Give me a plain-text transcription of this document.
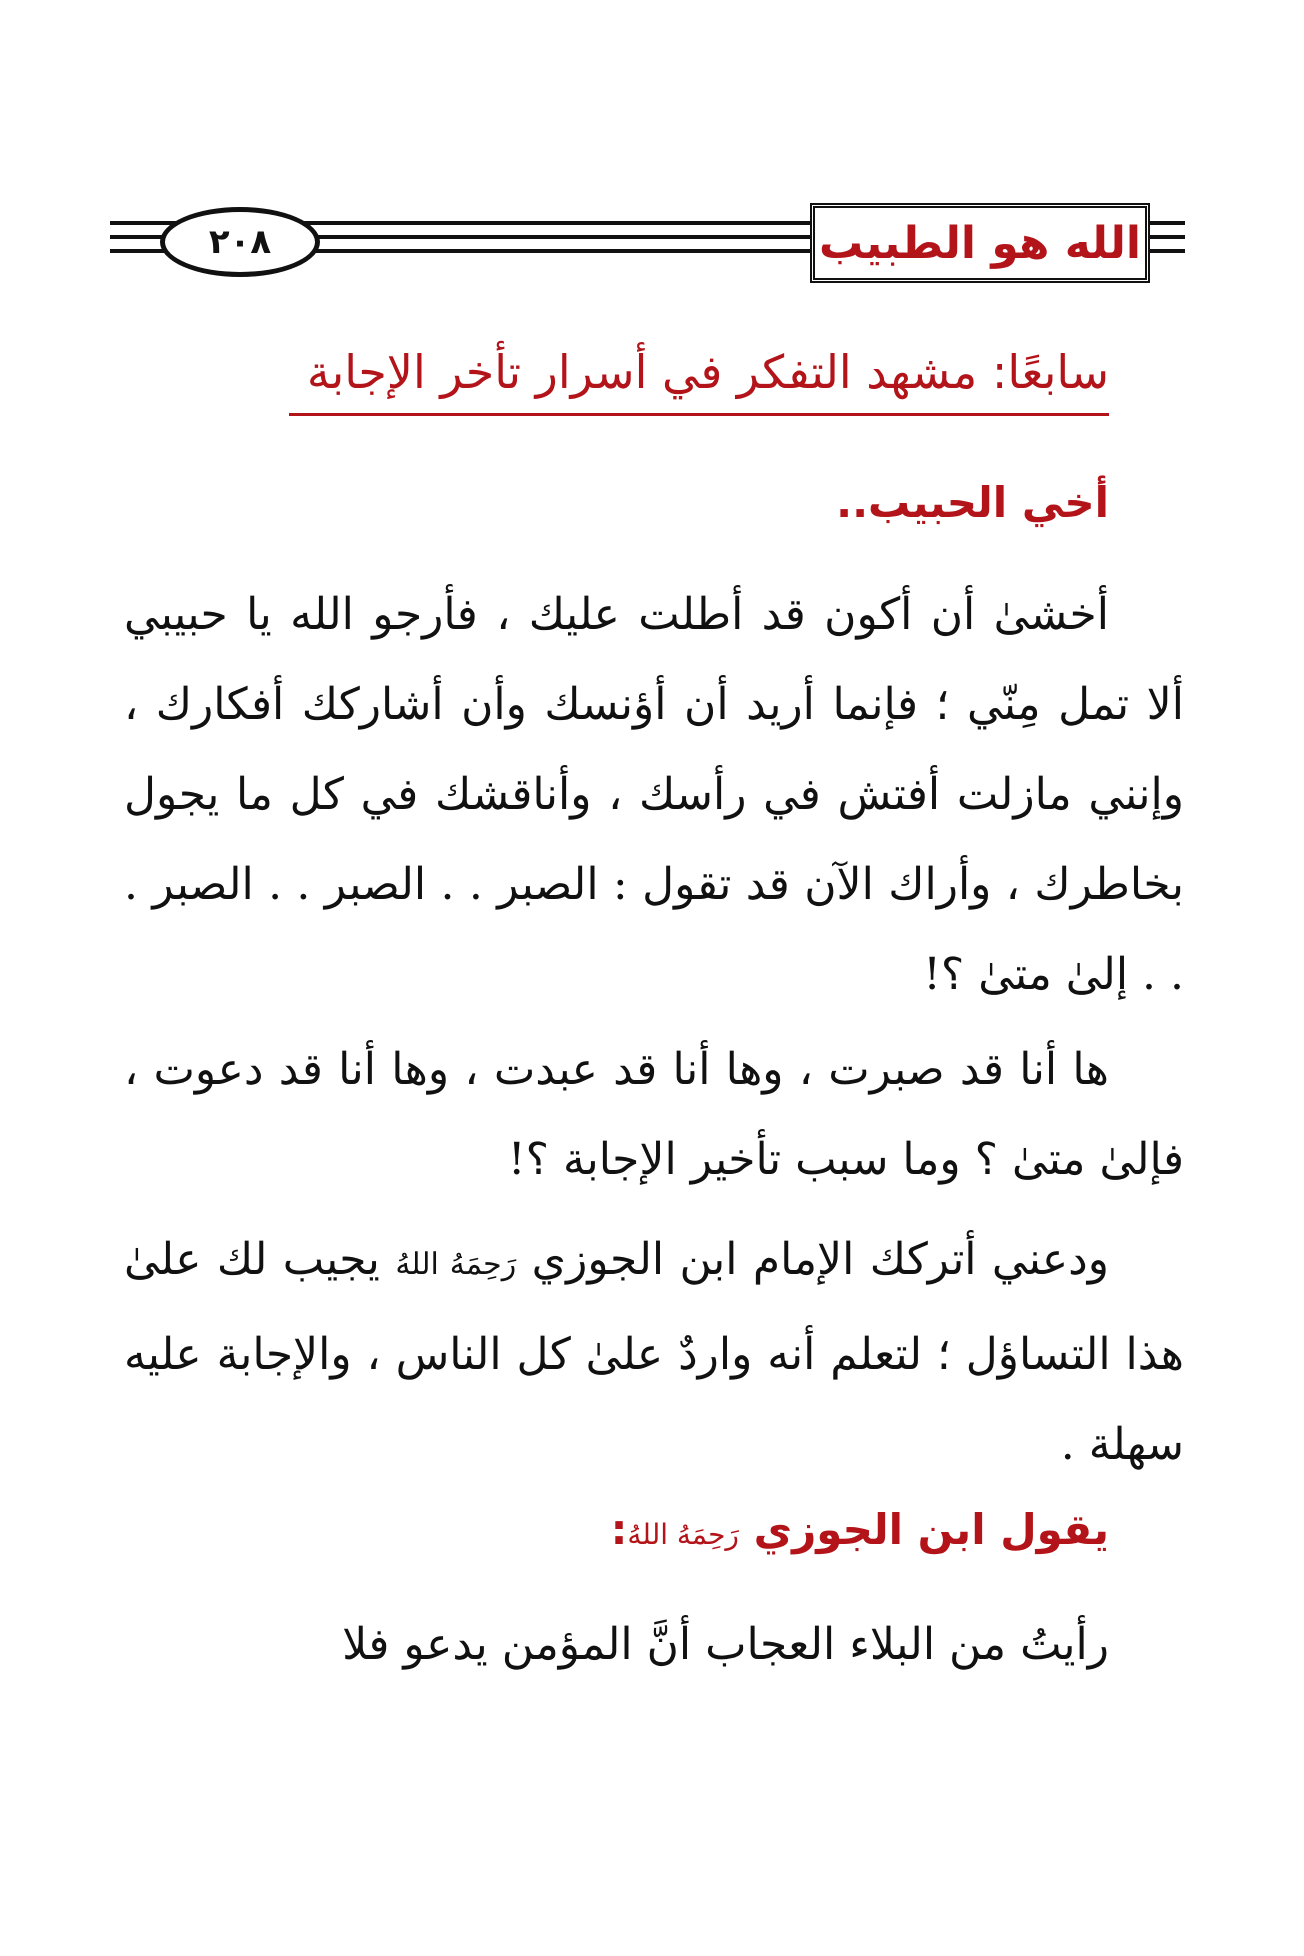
الله هو الطبيب
٢٠٨
سابعًا: مشهد التفكر في أسرار تأخر الإجابة
أخي الحبيب..
أخشىٰ أن أكون قد أطلت عليك ، فأرجو الله يا حبيبي ألا تمل مِنّي ؛ فإنما أريد أن أؤنسك وأن أشاركك أفكارك ، وإنني مازلت أفتش في رأسك ، وأناقشك في كل ما يجول بخاطرك ، وأراك الآن قد تقول : الصبر . . الصبر . . الصبر . . . إلىٰ متىٰ ؟!
ها أنا قد صبرت ، وها أنا قد عبدت ، وها أنا قد دعوت ، فإلىٰ متىٰ ؟ وما سبب تأخير الإجابة ؟!
ودعني أتركك الإمام ابن الجوزي رَحِمَهُ اللهُ يجيب لك علىٰ هذا التساؤل ؛ لتعلم أنه واردٌ علىٰ كل الناس ، والإجابة عليه سهلة .
يقول ابن الجوزي رَحِمَهُ اللهُ:
رأيتُ من البلاء العجاب أنَّ المؤمن يدعو فلا
